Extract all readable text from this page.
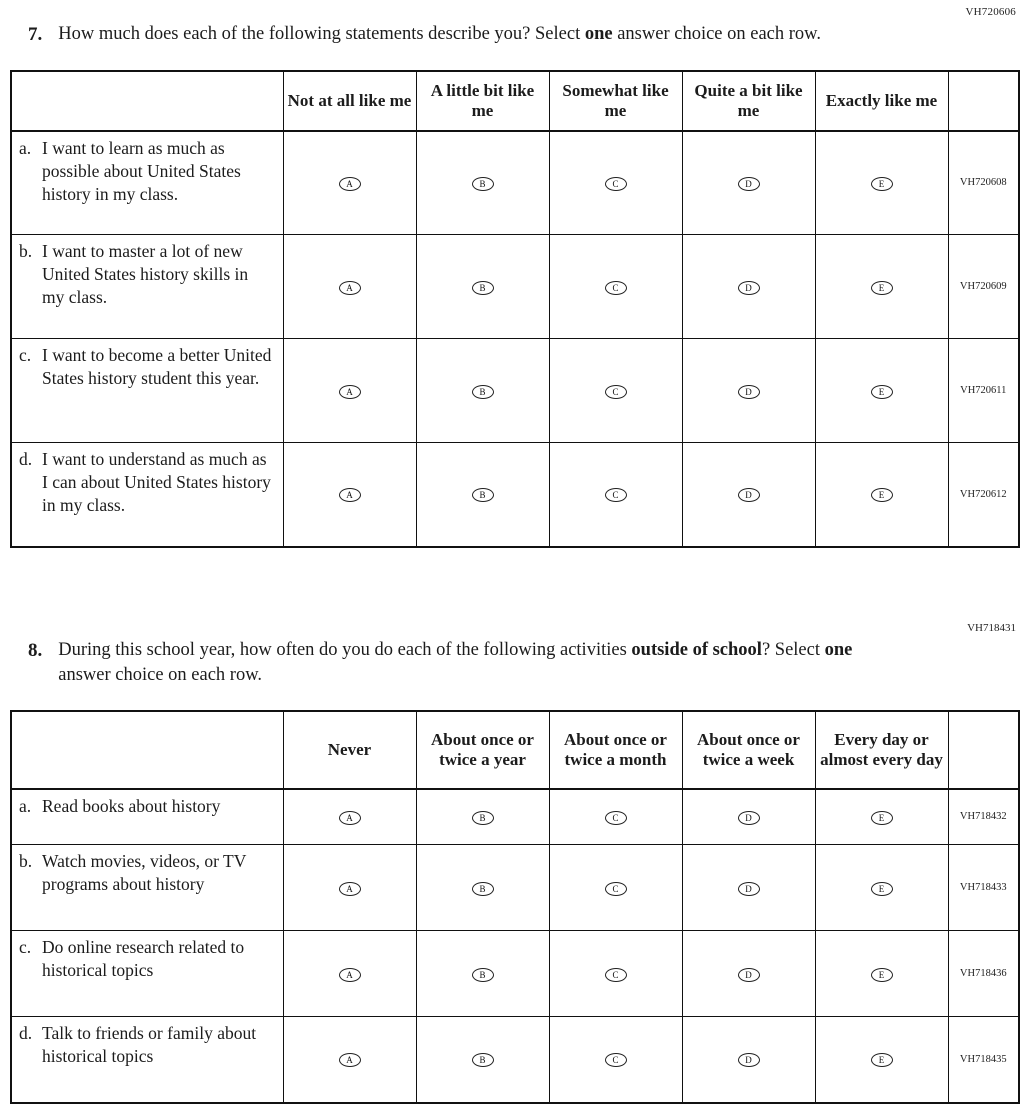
VH720606
7. How much does each of the following statements describe you? Select one answer choice on each row.
	Not at all like me	A little bit like me	Somewhat like me	Quite a bit like me	Exactly like me	

a. I want to learn as much as possible about United States history in my class.	A	B	C	D	E	VH720608

b. I want to master a lot of new United States history skills in my class.	A	B	C	D	E	VH720609

c. I want to become a better United States history student this year.	A	B	C	D	E	VH720611

d. I want to understand as much as I can about United States history in my class.	A	B	C	D	E	VH720612
VH718431
8. During this school year, how often do you do each of the following activities outside of school? Select one answer choice on each row.
	Never	About once or twice a year	About once or twice a month	About once or twice a week	Every day or almost every day	

a. Read books about history	A	B	C	D	E	VH718432

b. Watch movies, videos, or TV programs about history	A	B	C	D	E	VH718433

c. Do online research related to historical topics	A	B	C	D	E	VH718436

d. Talk to friends or family about historical topics	A	B	C	D	E	VH718435
